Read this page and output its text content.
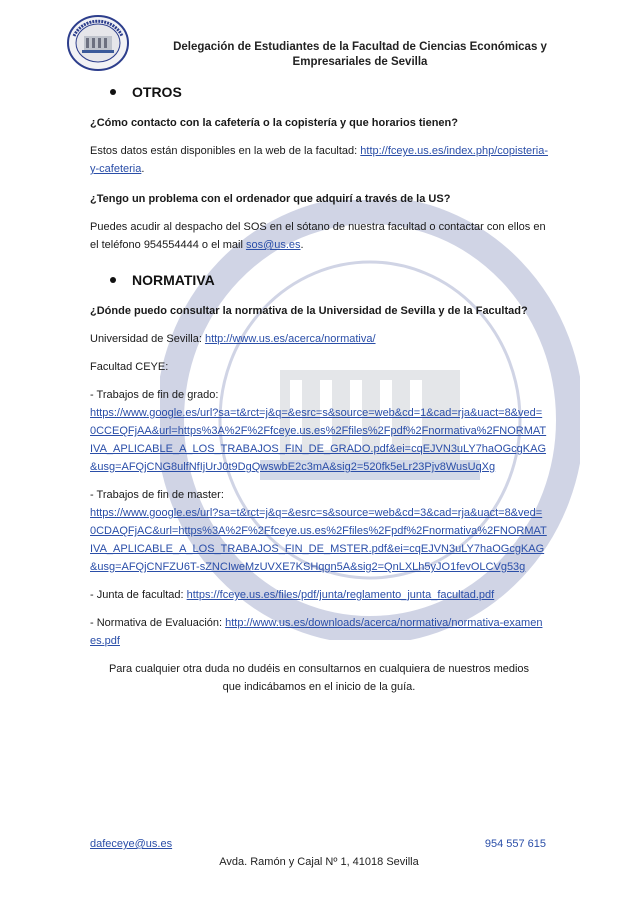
Delegación de Estudiantes de la Facultad de Ciencias Económicas y
Empresariales de Sevilla
OTROS
¿Cómo contacto con la cafetería o la copistería y que horarios tienen?
Estos datos están disponibles en la web de la facultad: http://fceye.us.es/index.php/copisteria-y-cafeteria.
¿Tengo un problema con el ordenador que adquirí a través de la US?
Puedes acudir al despacho del SOS en el sótano de nuestra facultad o contactar con ellos en el teléfono 954554444 o el mail sos@us.es.
NORMATIVA
¿Dónde puedo consultar la normativa de la Universidad de Sevilla y de la Facultad?
Universidad de Sevilla: http://www.us.es/acerca/normativa/
Facultad CEYE:
- Trabajos de fin de grado:
https://www.google.es/url?sa=t&rct=j&q=&esrc=s&source=web&cd=1&cad=rja&uact=8&ved=0CCEQFjAA&url=https%3A%2F%2Ffceye.us.es%2Ffiles%2Fpdf%2Fnormativa%2FNORMATIVA_APLICABLE_A_LOS_TRABAJOS_FIN_DE_GRADO.pdf&ei=cqEJVN3uLY7haOGcgKAG&usg=AFQjCNG8ulfNfIjUrJ0t9DgQwswbE2c3mA&sig2=520fk5eLr23Pjv8WusUqXg
- Trabajos de fin de master:
https://www.google.es/url?sa=t&rct=j&q=&esrc=s&source=web&cd=3&cad=rja&uact=8&ved=0CDAQFjAC&url=https%3A%2F%2Ffceye.us.es%2Ffiles%2Fpdf%2Fnormativa%2FNORMATIVA_APLICABLE_A_LOS_TRABAJOS_FIN_DE_MSTER.pdf&ei=cqEJVN3uLY7haOGcgKAG&usg=AFQjCNFZU6T-sZNCIweMzUVXE7KSHqgn5A&sig2=QnLXLh5yJO1fevOLCVg53g
- Junta de facultad: https://fceye.us.es/files/pdf/junta/reglamento_junta_facultad.pdf
- Normativa de Evaluación: http://www.us.es/downloads/acerca/normativa/normativa-examenes.pdf
Para cualquier otra duda no dudéis en consultarnos en cualquiera de nuestros medios que indicábamos en el inicio de la guía.
dafeceye@us.es	954 557 615
Avda. Ramón y Cajal Nº 1, 41018 Sevilla
